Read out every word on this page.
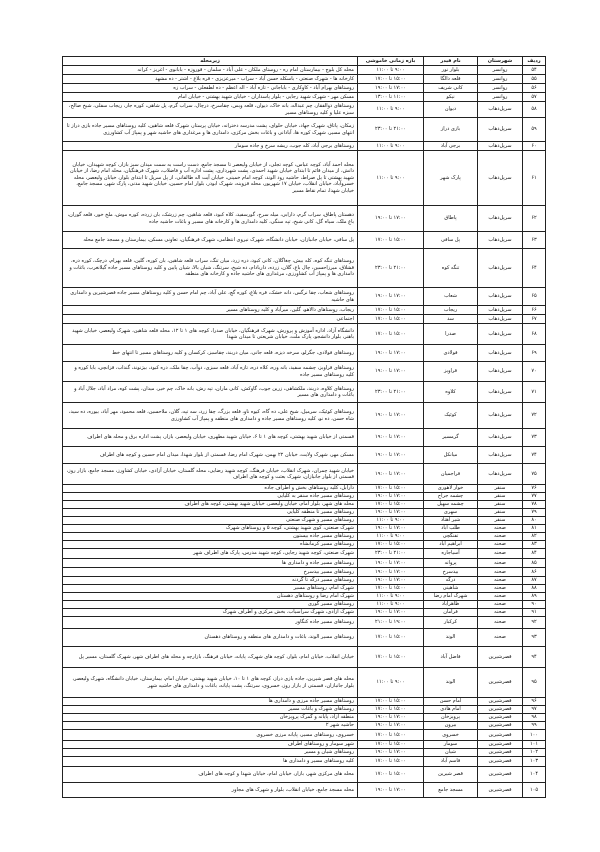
ردیف
شهرستان
نام فیدر
بازه زمانی خاموشی
زیرمحله
۵۴
روانسر
بلوار نور
۹:۰۰ تا ۱۱:۰۰
محله کل بلوچ - بیمارستان امام ره - روستای ملکان - علی آباد - سلمان - قوروزه - بابانوی - اغریز - کرانه
۵۵
روانسر
قلعه دالگا
۱۵:۰۰ تا ۱۷:۰۰
کارخانه ها - شهرک صنعتی - باسکله حسن آباد - سراب - میرعزیزی - قره بلاغ - اشتر - ده مشهد
۵۶
روانسر
کانی شریف
۱۷:۰۰ تا ۱۹:۰۰
روستاهای بهرام آباد - کاوکاری - باباجانی - تازه آباد - اله اعظم - ده لطفعلی - سراب زه
۵۷
روانسر
نیکو
۱۱:۰۰ تا ۱۳:۰۰
مسکن مهر - شهرک شهید رجایی - بلوار پاسداران - خیابان شهید بهشتی - خیابان امام
۵۸
سرپل‌ذهاب
دیوان
۹:۰۰ تا ۱۱:۰۰
روستاهای ذوالفقار، چم عبداله، بانه خاک، دیوان، قلعه ویس، چقاسرخ، درچال، سراب گرم، پل شاهی، کوره جار، ریجاب سفلی، شیخ صالح، سبزه علیا و کلیه روستاهای مسیر
۵۹
سرپل‌ذهاب
بازی دراز
۲۱:۰۰ تا ۲۳:۰۰
زمکان، پاتاق، شهرک جهاد، خیابان حلوای، پشت مدرسه دخترانه، خیابان پرستار، شهرک قلعه شاهین، کلیه روستاهای مسیر جاده بازی دراز تا انتهای مسیر، شهرک کوره ها، آبادانی و باغات بخش مرکزی، دامداری ها و مرغداری های حاشیه شهر و پمپاژ آب کشاورزی
۶۰
سرپل‌ذهاب
برجی آباد
۹:۰۰ تا ۱۱:۰۰
روستاهای برجی آباد، کله جوب، ریشه سرخ و جاده سومار
۶۱
سرپل‌ذهاب
پارک شهر
۹:۰۰ تا ۱۱:۰۰
محله احمد آباد، کوچه عباس، کوچه تجلی، از خیابان ولیعصر تا مسجد جامع، دست راست به سمت میدان سبز بازار، کوچه شهیدان، خیابان دانش، از میدان قائم تا ابتدای خیابان شهید احمدی، پشت شهرداری، پشت اداره آب و فاضلاب، شهرک فرهنگیان، محله امام رضا، از خیابان شهید بهشتی تا پل صراط، حاشیه رود الوند، کوچه امام خمینی، خیابان آیت اله طالقانی، از پل سرپل تا ابتدای بلوار، خیابان ولیعصر، محله خسروآباد، خیابان انقلاب، خیابان ۱۷ شهریور، محله قزوینه، شهرک ابوذر، بلوار امام حسین، خیابان شهید مدنی، پارک شهر، مسجد جامع، خیابان شهدا، تمام نقاط مسیر
۶۲
سرپل‌ذهاب
پاطاق
۱۷:۰۰ تا ۱۹:۰۰
دهستان پاطاق، سراب گرم، دارابی، میله سرخ، گورسفید، کلاه کبود، قلعه شاهین، چم زرشک، بان زرده، کوره موش، ملخ خور، قلعه گوران، باغ ملک، سیاه گل، کانی شیخ، تپه سنگی، کلیه دامداری ها و کارخانه های مسیر و باغات حاشیه جاده
۶۳
سرپل‌ذهاب
پل سافی
۱۵:۰۰ تا ۱۷:۰۰
پل سافی، خیابان جانبازان، خیابان دانشگاه، شهرک نیروی انتظامی، شهرک فرهنگیان، تعاونی مسکن، بیمارستان و مسجد جامع محله
۶۴
سرپل‌ذهاب
تنگه کوه
۲۱:۰۰ تا ۲۳:۰۰
روستاهای تنگه کوه، کله بیش، چغاگلان، کانی کبود، دره زرد، میان تنگ، سراب قلعه شاهین، بان کوره، گلین، قلعه بهرام، درچک، کوره دره، قشلاق، میرزاحسین، چال باغ، گلان، زرده، داربادام، ده شیخ، سرتنگ، شیان بالا، شیان پایین و کلیه روستاهای مسیر جاده گیلانغرب، باغات و دامداری ها و پمپاژ آب کشاورزی، مرغداری های حاشیه جاده و کارخانه های منطقه
۶۵
سرپل‌ذهاب
شعاب
۱۷:۰۰ تا ۱۹:۰۰
روستاهای شعاب، چقا نرگس، دانه خشک، قره بلاغ، کوره گچ، علی آباد، چم امام حسن و کلیه روستاهای مسیر جاده قصرشیرین و دامداری های حاشیه
۶۶
سرپل‌ذهاب
ریجاب
۱۵:۰۰ تا ۱۷:۰۰
ریجاب، روستاهای دالاهو، گلین، میرآباد و کلیه روستاهای مسیر
۶۷
سرپل‌ذهاب
سد
۱۵:۰۰ تا ۱۷:۰۰
اجتماعی
۶۸
سرپل‌ذهاب
صدرا
۱۵:۰۰ تا ۱۷:۰۰
دانشگاه آزاد، اداره آموزش و پرورش، شهرک فرهنگیان، خیابان صدرا، کوچه های ۱ تا ۱۲، محله قلعه شاهین، شهرک ولیعصر، خیابان شهید باهنر، بلوار دانشجو، پارک ملت، خیابان شریعتی تا میدان شهدا
۶۹
سرپل‌ذهاب
فولادی
۱۷:۰۰ تا ۱۹:۰۰
روستاهای فولادی، جگرلو، سرخه دیزه، قلعه جانی، میان دربند، چقاسبز، کرکسان و کلیه روستاهای مسیر تا انتهای خط
۷۰
سرپل‌ذهاب
قراویز
۱۷:۰۰ تا ۱۹:۰۰
روستاهای قراویز، چشمه سفید، بانه وره، کلاه دره، تازه آباد، قلعه سبزی، دوآب، چقا ملک، دره کبود، بیژنوند، گنداب، قزانچی، بابا کوره و کلیه روستاهای مسیر جاده
۷۱
سرپل‌ذهاب
کلاوه
۲۱:۰۰ تا ۲۳:۰۰
روستاهای کلاوه، دربند، ملکشاهی، زرین جوب، گاوکش، کانی ماران، تپه رش، بانه خاک، چم خیر، میدان، پشت کوه، مراد آباد، جلال آباد و باغات و دامداری های مسیر
۷۲
سرپل‌ذهاب
کوئیک
۱۷:۰۰ تا ۱۹:۰۰
روستاهای کوئیک، سرمیل، شیخ علی، ده گاه، کیوه ناو، قلعه بزرگ، چقا زرد، سه تپه، گلان، ملاحسین، قلعه محمود، مهر آباد، بیوره، ده سید، شاه حسن، ده نو، کلیه روستاهای مسیر جاده و دامداری های منطقه و پمپاژ آب کشاورزی
۷۳
سرپل‌ذهاب
گرمسیر
۱۷:۰۰ تا ۱۹:۰۰
قسمتی از خیابان شهید بهشتی، کوچه های ۱ تا ۶، خیابان شهید مطهری، خیابان ولیعصر، بازار، پشت اداره برق و محله های اطراف
۷۴
سرپل‌ذهاب
میانکل
۱۷:۰۰ تا ۱۹:۰۰
مسکن مهر، شهرک ولایت، خیابان ۲۲ بهمن، شهرک امام رضا، قسمتی از بلوار شهدا، میدان امام حسین و کوچه های اطراف
۷۵
سرپل‌ذهاب
قراجمیان
۱۷:۰۰ تا ۱۹:۰۰
خیابان شهید چمران، شهرک انقلاب، خیابان فرهنگ، کوچه شهید رضایی، محله گلستان، خیابان آزادی، خیابان کشاورز، مسجد جامع، بازار روز، قسمتی از بلوار جانبازان، شهرک بعثت و کوچه های اطراف
۷۶
سنقر
خوار لاهوری
۱۵:۰۰ تا ۱۷:۰۰
دارابل، کلیه روستاهای بخش و اطراف جاده
۷۷
سنقر
چشمه جراح
۱۷:۰۰ تا ۱۹:۰۰
روستاهای مسیر جاده سنقر به کلیایی
۷۸
سنقر
چشمه سهیل
۱۵:۰۰ تا ۱۷:۰۰
محله های شهر، بلوار امام، خیابان ولیعصر، خیابان شهید بهشتی، کوچه های اطراف
۷۹
سنقر
سهری
۱۷:۰۰ تا ۱۹:۰۰
روستاهای مسیر تا منطقه کلیایی
۸۰
سنقر
شیر اهتاد
۹:۰۰ تا ۱۱:۰۰
روستاهای مسیر و شهرک صنعتی
۸۱
صحنه
طلب آباد
۱۷:۰۰ تا ۱۹:۰۰
شهرک صنعتی، کوی شهید بهشتی، کوچه ۵ و روستاهای شهرک
۸۲
صحنه
تفنگچی
۹:۰۰ تا ۱۱:۰۰
روستاهای مسیر جاده بیستون
۸۳
صحنه
ابراهیم آباد
۱۵:۰۰ تا ۱۷:۰۰
روستاهای مسیر کرمانشاه
۸۴
صحنه
آسیاجاره
۲۱:۰۰ تا ۲۳:۰۰
شهرک صنعتی، کوچه شهید رجایی، کوچه شهید مدرس، پارک های اطراف شهر
۸۵
صحنه
پروانه
۱۷:۰۰ تا ۱۹:۰۰
روستاهای مسیر جاده و دامداری ها
۸۶
صحنه
بیدسرخ
۱۷:۰۰ تا ۱۹:۰۰
روستاهای مسیر بیدسرخ
۸۷
صحنه
درگه
۱۷:۰۰ تا ۱۹:۰۰
روستاهای مسیر درگه تا گردنه
۸۸
صحنه
شاهینی
۱۵:۰۰ تا ۱۷:۰۰
شهرک امام، روستاهای مسیر
۸۹
صحنه
شهرک امام رضا
۹:۰۰ تا ۱۱:۰۰
شهرک امام رضا و روستاهای دهستان
۹۰
صحنه
ظاهرآباد
۹:۰۰ تا ۱۱:۰۰
روستاهای مسیر گوری
۹۱
صحنه
فرامان
۱۷:۰۰ تا ۱۹:۰۰
شهرک آزادی، شهرک سرآسیاب، بخش مرکزی و اطراف شهرک
۹۲
صحنه
کرکبار
۱۹:۰۰ تا ۲۱:۰۰
روستاهای مسیر جاده کنگاور
۹۳
صحنه
الوند
۱۵:۰۰ تا ۱۷:۰۰
روستاهای مسیر الوند، باغات و دامداری های منطقه و روستاهای دهستان
۹۴
قصرشیرین
فاضل آباد
۱۵:۰۰ تا ۱۷:۰۰
خیابان انقلاب، خیابان امام، بلوار، کوچه های شهرک، پایانه، خیابان فرهنگ، بازارچه و محله های اطراف شهر، شهرک گلستان، مسیر پل
۹۵
قصرشیرین
الوند
۹:۰۰ تا ۱۱:۰۰
محله های قصر شیرین، جاده بازی دراز، کوچه های ۱ تا ۱۰، خیابان شهید بهشتی، خیابان امام، بیمارستان، خیابان دانشگاه، شهرک ولیعصر، بلوار جانبازان، قسمتی از بازار روز، خسروی، سرتنگ، پشت پایانه، باغات و دامداری های حاشیه شهر
۹۶
قصرشیرین
امام حسن
۱۵:۰۰ تا ۱۷:۰۰
روستاهای مسیر جاده مرزی و دامداری ها
۹۷
قصرشیرین
امام هادی
۱۵:۰۰ تا ۱۷:۰۰
روستاهای شهرک و باغات مسیر
۹۸
قصرشیرین
پرویزخان
۱۷:۰۰ تا ۱۹:۰۰
منطقه آزاد، پایانه و گمرک پرویزخان
۹۹
قصرشیرین
بیرون
۱۷:۰۰ تا ۱۹:۰۰
حاشیه شهر ۲
۱۰۰
قصرشیرین
خسروی
۱۵:۰۰ تا ۱۷:۰۰
خسروی، روستاهای مسیر، پایانه مرزی خسروی
۱۰۱
قصرشیرین
سومار
۱۵:۰۰ تا ۱۷:۰۰
شهر سومار و روستاهای اطراف
۱۰۲
قصرشیرین
شیان
۱۷:۰۰ تا ۱۹:۰۰
روستاهای شیان و مسیر
۱۰۳
قصرشیرین
قاسم آباد
۱۵:۰۰ تا ۱۷:۰۰
کلیه روستاهای مسیر و دامداری ها
۱۰۴
قصرشیرین
قصر شیرین
۱۵:۰۰ تا ۱۷:۰۰
محله های مرکزی شهر، بازار، خیابان امام، خیابان شهدا و کوچه های اطراف
۱۰۵
قصرشیرین
مسجد جامع
۱۷:۰۰ تا ۱۹:۰۰
محله مسجد جامع، خیابان انقلاب، بلوار و شهرک های مجاور
